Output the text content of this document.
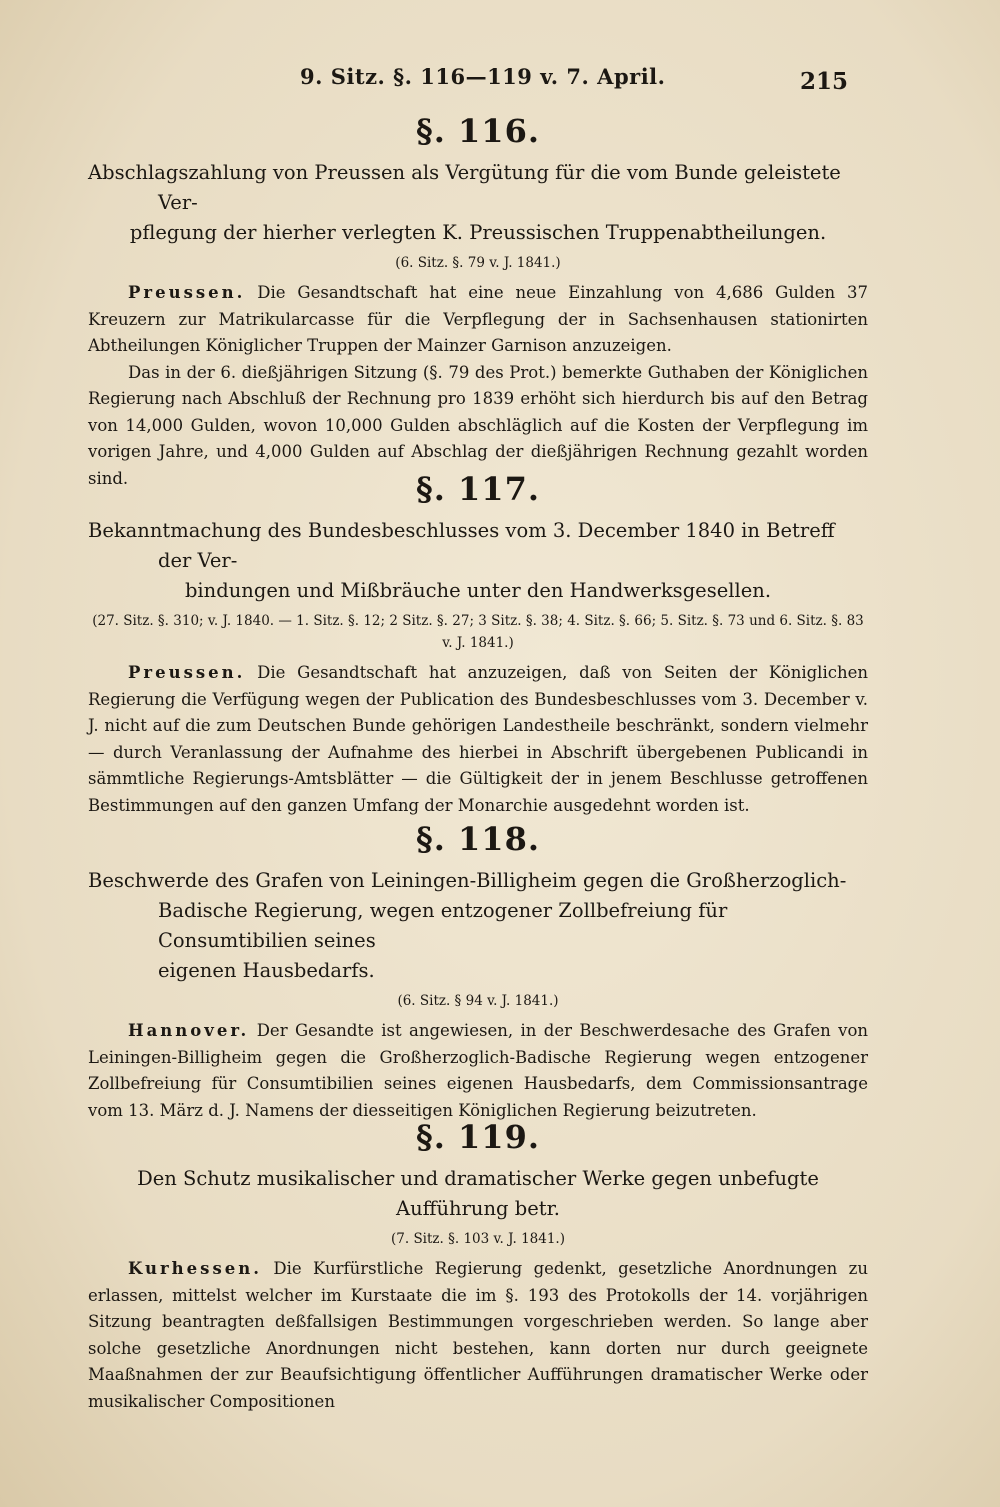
9. Sitz. §. 116—119 v. 7. April.	215
§. 116.

Abschlagszahlung von Preussen als Vergütung für die vom Bunde geleistete Ver-

pflegung der hierher verlegten K. Preussischen Truppenabtheilungen.

(6. Sitz. §. 79 v. J. 1841.)

Preussen. Die Gesandtschaft hat eine neue Einzahlung von 4,686 Gulden 37 Kreuzern zur Matrikularcasse für die Verpflegung der in Sachsenhausen stationirten Abtheilungen Königlicher Truppen der Mainzer Garnison anzuzeigen.

Das in der 6. dießjährigen Sitzung (§. 79 des Prot.) bemerkte Guthaben der Königlichen Regierung nach Abschluß der Rechnung pro 1839 erhöht sich hierdurch bis auf den Betrag von 14,000 Gulden, wovon 10,000 Gulden abschläglich auf die Kosten der Verpflegung im vorigen Jahre, und 4,000 Gulden auf Abschlag der dießjährigen Rechnung gezahlt worden sind.	§. 117.

Bekanntmachung des Bundesbeschlusses vom 3. December 1840 in Betreff der Ver-

bindungen und Mißbräuche unter den Handwerksgesellen.

(27. Sitz. §. 310; v. J. 1840. — 1. Sitz. §. 12; 2 Sitz. §. 27; 3 Sitz. §. 38; 4. Sitz. §. 66; 5. Sitz. §. 73 und 6. Sitz. §. 83 v. J. 1841.)

Preussen. Die Gesandtschaft hat anzuzeigen, daß von Seiten der Königlichen Regierung die Verfügung wegen der Publication des Bundesbeschlusses vom 3. December v. J. nicht auf die zum Deutschen Bunde gehörigen Landestheile beschränkt, sondern vielmehr — durch Veranlassung der Aufnahme des hierbei in Abschrift übergebenen Publicandi in sämmtliche Regierungs-Amtsblätter — die Gültigkeit der in jenem Beschlusse getroffenen Bestimmungen auf den ganzen Umfang der Monarchie ausgedehnt worden ist.

§. 118.

Beschwerde des Grafen von Leiningen-Billigheim gegen die Großherzoglich-

Badische Regierung, wegen entzogener Zollbefreiung für Consumtibilien seines

eigenen Hausbedarfs.

(6. Sitz. § 94 v. J. 1841.)

Hannover. Der Gesandte ist angewiesen, in der Beschwerdesache des Grafen von Leiningen-Billigheim gegen die Großherzoglich-Badische Regierung wegen entzogener Zollbefreiung für Consumtibilien seines eigenen Hausbedarfs, dem Commissionsantrage vom 13. März d. J. Namens der diesseitigen Königlichen Regierung beizutreten.

§. 119.

Den Schutz musikalischer und dramatischer Werke gegen unbefugte Aufführung betr.

(7. Sitz. §. 103 v. J. 1841.)

Kurhessen. Die Kurfürstliche Regierung gedenkt, gesetzliche Anordnungen zu erlassen, mittelst welcher im Kurstaate die im §. 193 des Protokolls der 14. vorjährigen Sitzung beantragten deßfallsigen Bestimmungen vorgeschrieben werden. So lange aber solche gesetzliche Anordnungen nicht bestehen, kann dorten nur durch geeignete Maaßnahmen der zur Beaufsichtigung öffentlicher Aufführungen dramatischer Werke oder musikalischer Compositionen
